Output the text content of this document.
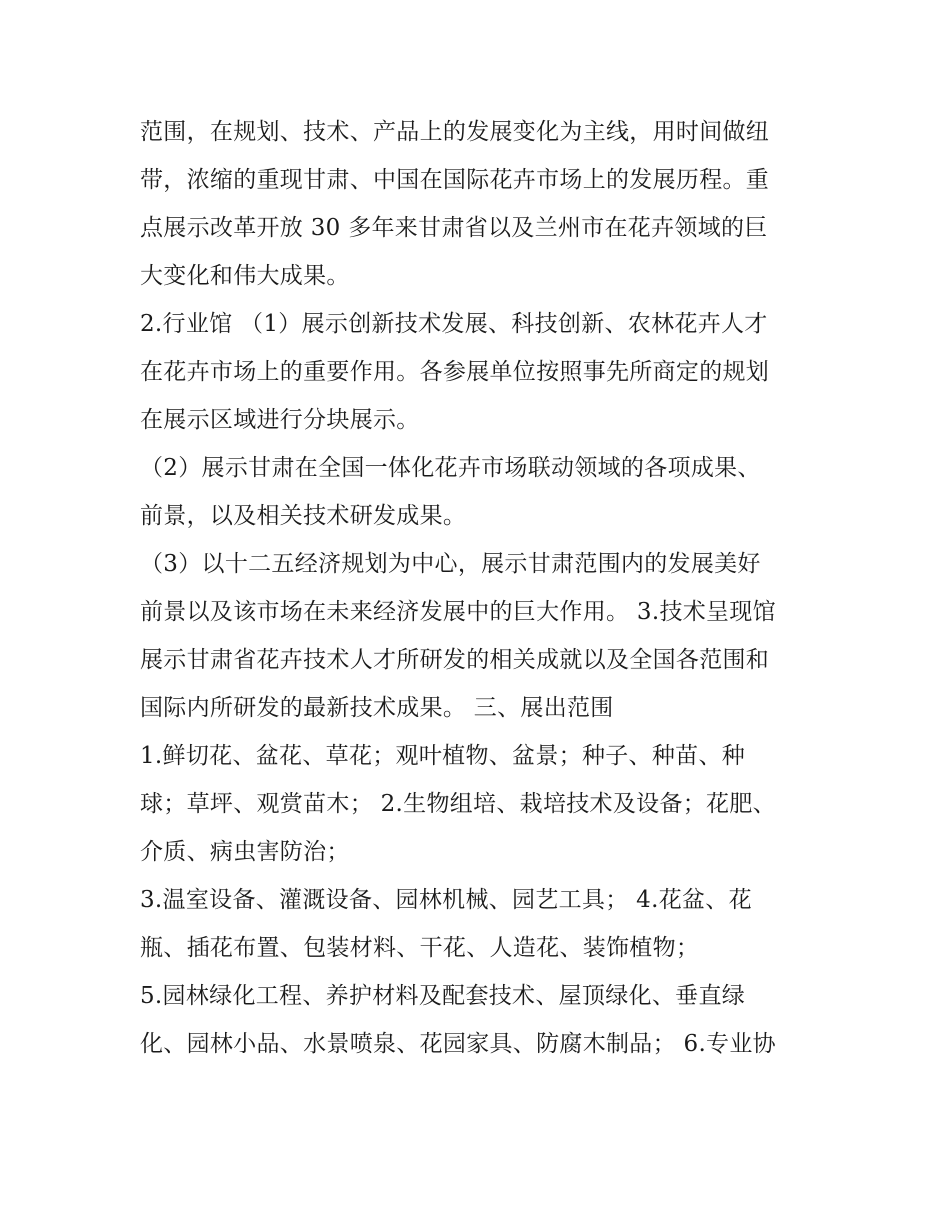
范围，在规划、技术、产品上的发展变化为主线，用时间做纽
带，浓缩的重现甘肃、中国在国际花卉市场上的发展历程。重
点展示改革开放 30 多年来甘肃省以及兰州市在花卉领域的巨
大变化和伟大成果。
2.行业馆 （1）展示创新技术发展、科技创新、农林花卉人才
在花卉市场上的重要作用。各参展单位按照事先所商定的规划
在展示区域进行分块展示。
（2）展示甘肃在全国一体化花卉市场联动领域的各项成果、
前景，以及相关技术研发成果。
（3）以十二五经济规划为中心，展示甘肃范围内的发展美好
前景以及该市场在未来经济发展中的巨大作用。 3.技术呈现馆
展示甘肃省花卉技术人才所研发的相关成就以及全国各范围和
国际内所研发的最新技术成果。 三、展出范围
1.鲜切花、盆花、草花；观叶植物、盆景；种子、种苗、种
球；草坪、观赏苗木； 2.生物组培、栽培技术及设备；花肥、
介质、病虫害防治；
3.温室设备、灌溉设备、园林机械、园艺工具； 4.花盆、花
瓶、插花布置、包装材料、干花、人造花、装饰植物；
5.园林绿化工程、养护材料及配套技术、屋顶绿化、垂直绿
化、园林小品、水景喷泉、花园家具、防腐木制品； 6.专业协
